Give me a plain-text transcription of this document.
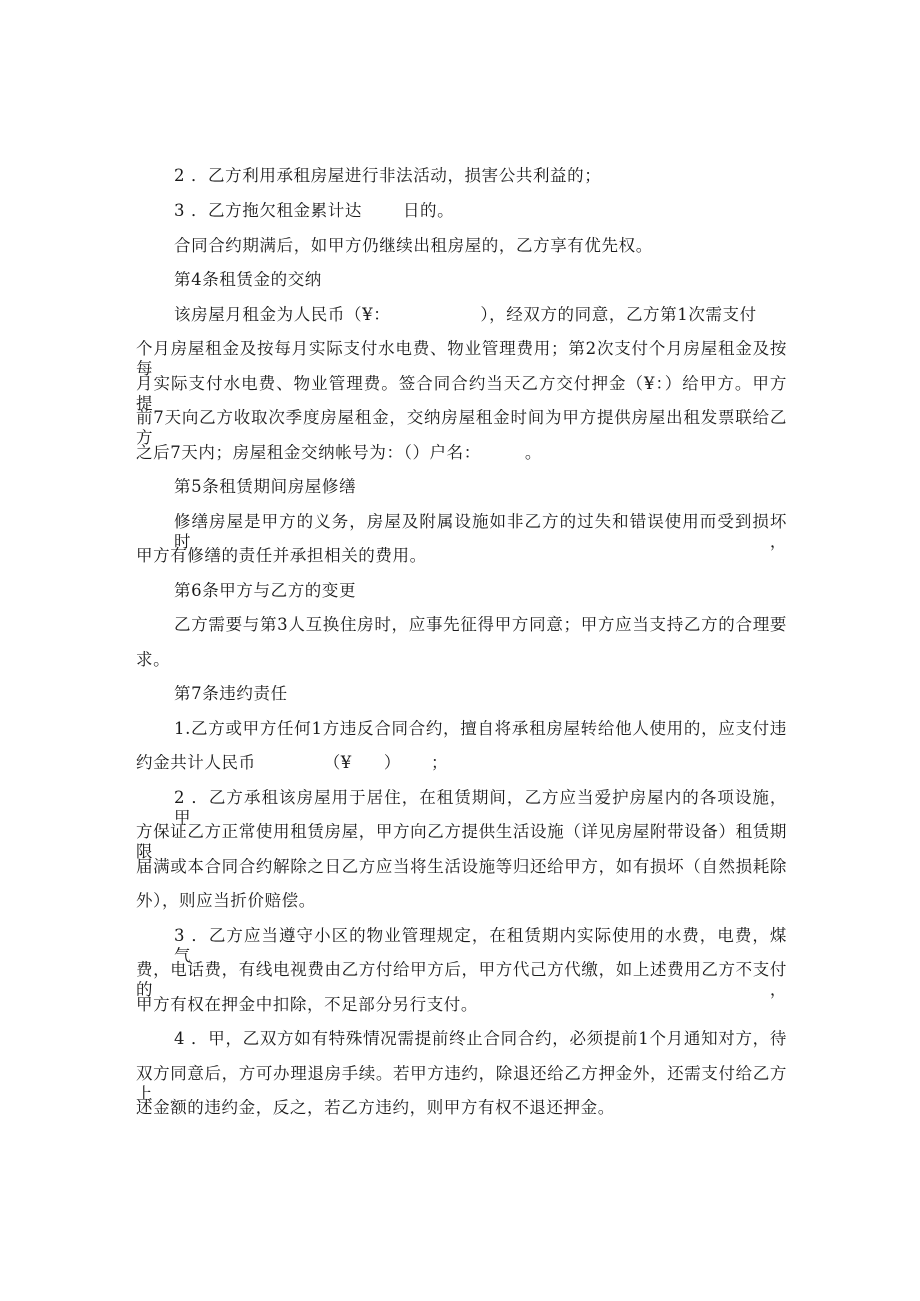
2 ．乙方利用承租房屋进行非法活动，损害公共利益的；
3 ．乙方拖欠租金累计达 日的。
合同合约期满后，如甲方仍继续出租房屋的，乙方享有优先权。
第4条租赁金的交纳
该房屋月租金为人民币（¥：	），经双方的同意，乙方第1次需支付
个月房屋租金及按每月实际支付水电费、物业管理费用；第2次支付个月房屋租金及按每
月实际支付水电费、物业管理费。签合同合约当天乙方交付押金（¥：）给甲方。甲方提
前7天向乙方收取次季度房屋租金，交纳房屋租金时间为甲方提供房屋出租发票联给乙方
之后7天内；房屋租金交纳帐号为：（）户名：	。
第5条租赁期间房屋修缮
修缮房屋是甲方的义务，房屋及附属设施如非乙方的过失和错误使用而受到损坏时，
甲方有修缮的责任并承担相关的费用。
第6条甲方与乙方的变更
乙方需要与第3人互换住房时，应事先征得甲方同意；甲方应当支持乙方的合理要
求。
第7条违约责任
1.乙方或甲方任何1方违反合同合约，擅自将承租房屋转给他人使用的，应支付违
约金共计人民币	（¥ ） ；
2 ．乙方承租该房屋用于居住，在租赁期间，乙方应当爱护房屋内的各项设施，甲
方保证乙方正常使用租赁房屋，甲方向乙方提供生活设施（详见房屋附带设备）租赁期限
届满或本合同合约解除之日乙方应当将生活设施等归还给甲方，如有损坏（自然损耗除
外），则应当折价赔偿。
3 ．乙方应当遵守小区的物业管理规定，在租赁期内实际使用的水费，电费，煤气
费，电话费，有线电视费由乙方付给甲方后，甲方代己方代缴，如上述费用乙方不支付的，
甲方有权在押金中扣除，不足部分另行支付。
4 ．甲，乙双方如有特殊情况需提前终止合同合约，必须提前1个月通知对方，待
双方同意后，方可办理退房手续。若甲方违约，除退还给乙方押金外，还需支付给乙方上
述金额的违约金，反之，若乙方违约，则甲方有权不退还押金。
